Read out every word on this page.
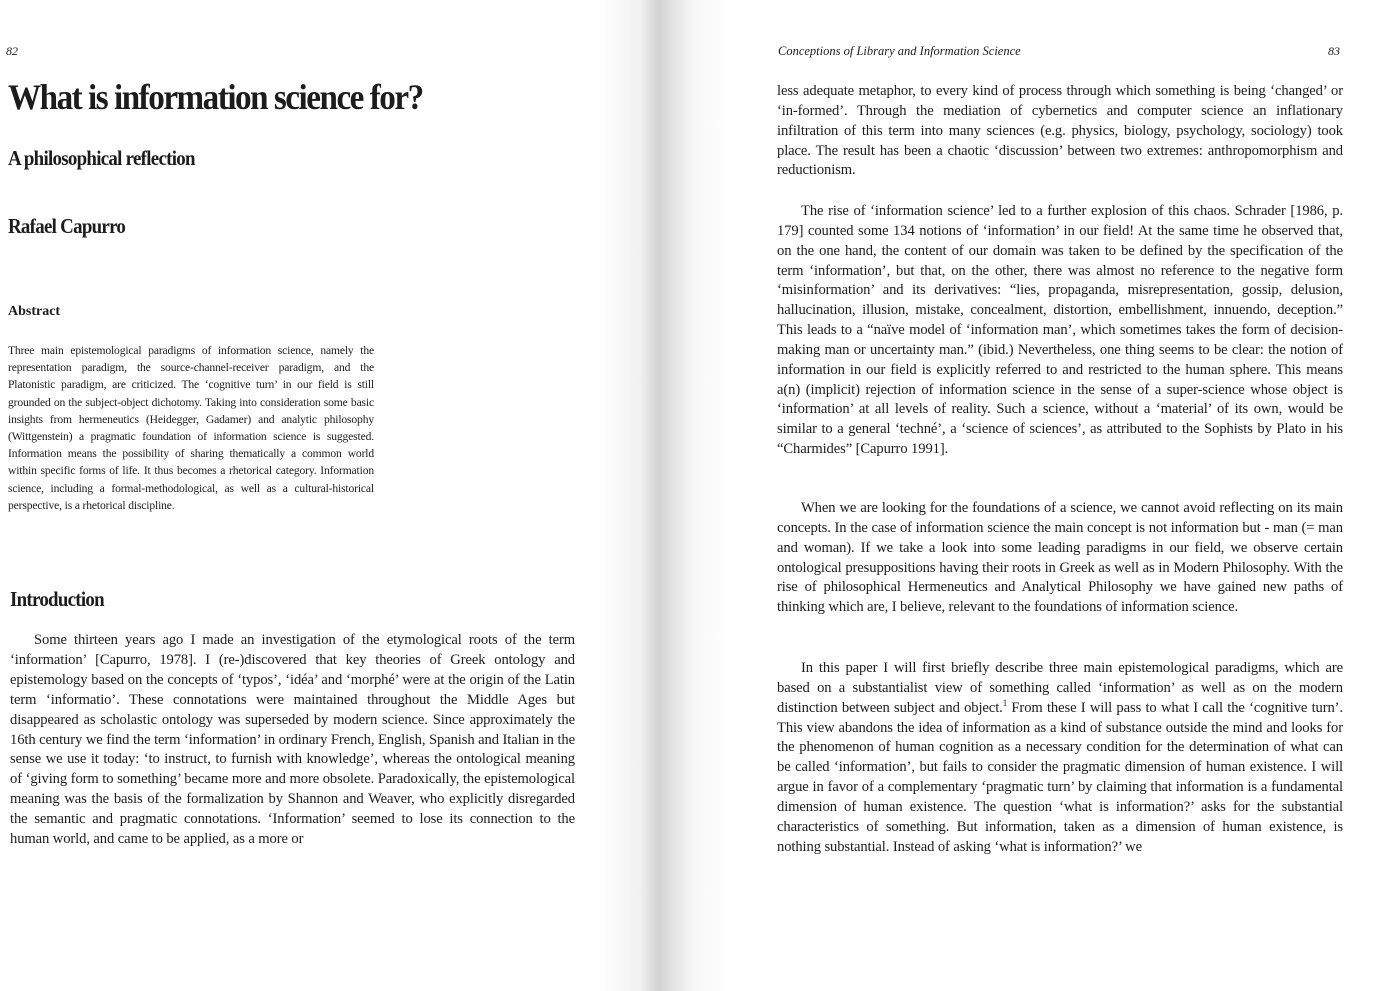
82
What is information science for?
A philosophical reflection
Rafael Capurro
Abstract

Three main epistemological paradigms of information science, namely the representation paradigm, the source-channel-receiver paradigm, and the Platonistic paradigm, are criticized. The ‘cognitive turn’ in our field is still grounded on the subject-object dichotomy. Taking into consideration some basic insights from hermeneutics (Heidegger, Gadamer) and analytic philosophy (Wittgenstein) a pragmatic foundation of information science is suggested. Information means the possibility of sharing thematically a common world within specific forms of life. It thus becomes a rhetorical category. Information science, including a formal-methodological, as well as a cultural-historical perspective, is a rhetorical discipline.

Introduction

Some thirteen years ago I made an investigation of the etymological roots of the term ‘information’ [Capurro, 1978]. I (re-)discovered that key theories of Greek ontology and epistemology based on the concepts of ‘typos’, ‘idéa’ and ‘morphé’ were at the origin of the Latin term ‘informatio’. These connotations were maintained throughout the Middle Ages but disappeared as scholastic ontology was superseded by modern science. Since approximately the 16th century we find the term ‘information’ in ordinary French, English, Spanish and Italian in the sense we use it today: ‘to instruct, to furnish with knowledge’, whereas the ontological meaning of ‘giving form to something’ became more and more obsolete. Paradoxically, the epistemological meaning was the basis of the formalization by Shannon and Weaver, who explicitly disregarded the semantic and pragmatic connotations. ‘Information’ seemed to lose its connection to the human world, and came to be applied, as a more or

Conceptions of Library and Information Science	83

less adequate metaphor, to every kind of process through which something is being ‘changed’ or ‘in-formed’. Through the mediation of cybernetics and computer science an inflationary infiltration of this term into many sciences (e.g. physics, biology, psychology, sociology) took place. The result has been a chaotic ‘discussion’ between two extremes: anthropomorphism and reductionism.

The rise of ‘information science’ led to a further explosion of this chaos. Schrader [1986, p. 179] counted some 134 notions of ‘information’ in our field! At the same time he observed that, on the one hand, the content of our domain was taken to be defined by the specification of the term ‘information’, but that, on the other, there was almost no reference to the negative form ‘misinformation’ and its derivatives: “lies, propaganda, misrepresentation, gossip, delusion, hallucination, illusion, mistake, concealment, distortion, embellishment, innuendo, deception.” This leads to a “naïve model of ‘information man’, which sometimes takes the form of decision-making man or uncertainty man.” (ibid.) Nevertheless, one thing seems to be clear: the notion of information in our field is explicitly referred to and restricted to the human sphere. This means a(n) (implicit) rejection of information science in the sense of a super-science whose object is ‘information’ at all levels of reality. Such a science, without a ‘material’ of its own, would be similar to a general ‘techné’, a ‘science of sciences’, as attributed to the Sophists by Plato in his “Charmides” [Capurro 1991].

When we are looking for the foundations of a science, we cannot avoid reflecting on its main concepts. In the case of information science the main concept is not information but - man (= man and woman). If we take a look into some leading paradigms in our field, we observe certain ontological presuppositions having their roots in Greek as well as in Modern Philosophy. With the rise of philosophical Hermeneutics and Analytical Philosophy we have gained new paths of thinking which are, I believe, relevant to the foundations of information science.

In this paper I will first briefly describe three main epistemological paradigms, which are based on a substantialist view of something called ‘information’ as well as on the modern distinction between subject and object.$^1$ From these I will pass to what I call the ‘cognitive turn’. This view abandons the idea of information as a kind of substance outside the mind and looks for the phenomenon of human cognition as a necessary condition for the determination of what can be called ‘information’, but fails to consider the pragmatic dimension of human existence. I will argue in favor of a complementary ‘pragmatic turn’ by claiming that information is a fundamental dimension of human existence. The question ‘what is information?’ asks for the substantial characteristics of something. But information, taken as a dimension of human existence, is nothing substantial. Instead of asking ‘what is information?’ we
